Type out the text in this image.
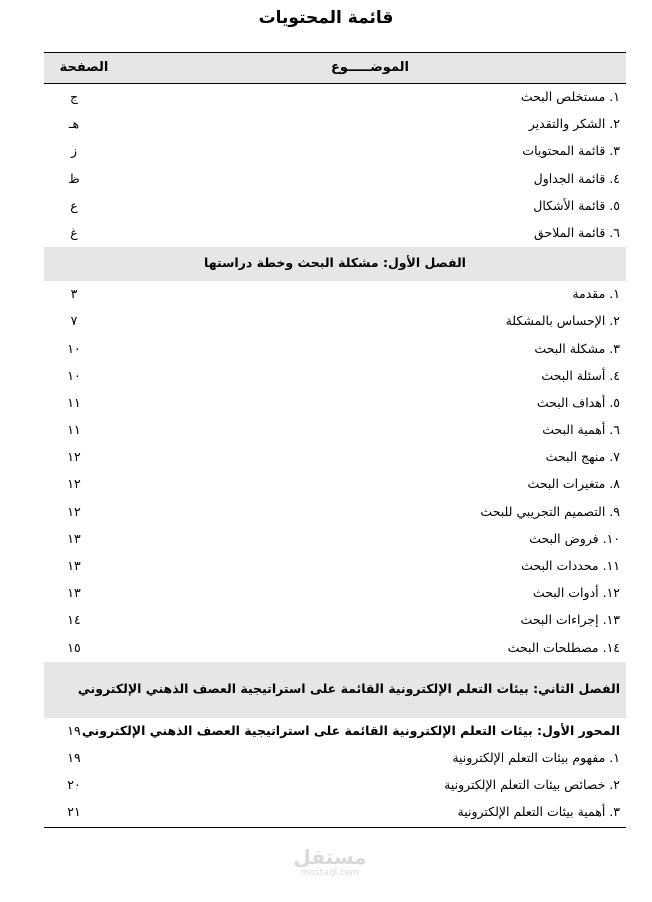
قائمة المحتويات
الموضـــــوع
الصفحة
١. مستخلص البحث
ج
٢. الشكر والتقدير
هـ
٣. قائمة المحتويات
ز
٤. قائمة الجداول
ظ
٥. قائمة الأشكال
ع
٦. قائمة الملاحق
غ
الفصل الأول: مشكلة البحث وخطة دراستها
١. مقدمة
٣
٢. الإحساس بالمشكلة
٧
٣. مشكلة البحث
١٠
٤. أسئلة البحث
١٠
٥. أهداف البحث
١١
٦. أهمية البحث
١١
٧. منهج البحث
١٢
٨. متغيرات البحث
١٢
٩. التصميم التجريبي للبحث
١٢
١٠. فروض البحث
١٣
١١. محددات البحث
١٣
١٢. أدوات البحث
١٣
١٣. إجراءات البحث
١٤
١٤. مصطلحات البحث
١٥
الفصل الثاني: بيئات التعلم الإلكترونية القائمة على استراتيجية العصف الذهني الإلكتروني
المحور الأول: بيئات التعلم الإلكترونية القائمة على استراتيجية العصف الذهني الإلكتروني
١٩
١. مفهوم بيئات التعلم الإلكترونية
١٩
٢. خصائص بيئات التعلم الإلكترونية
٢٠
٣. أهمية بيئات التعلم الإلكترونية
٢١
مستقل
mostaql.com
